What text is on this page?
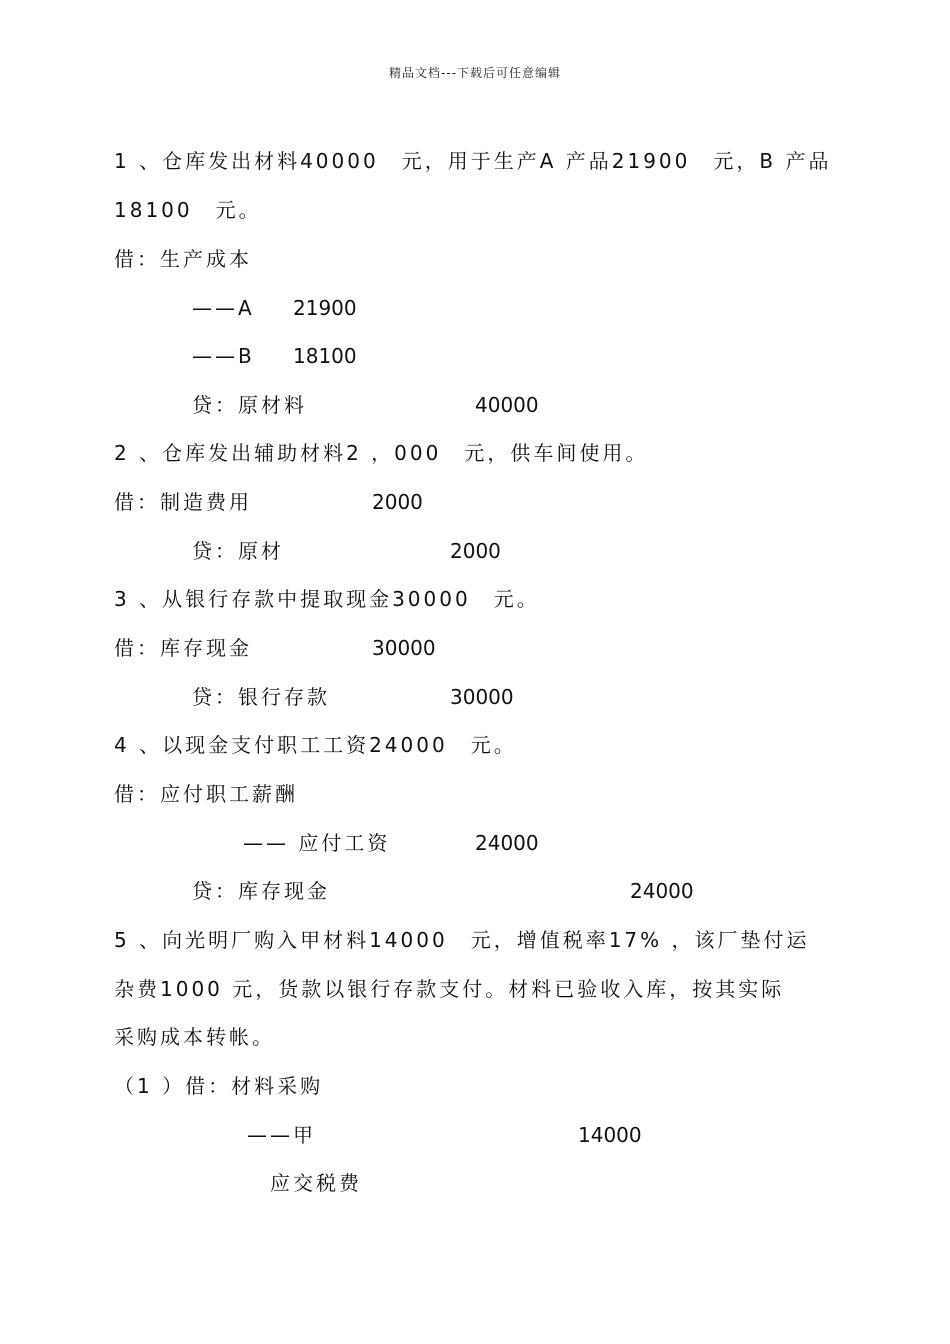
精品文档---下载后可任意编辑
1 、仓库发出材料40000　元，用于生产A 产品21900　元，B 产品
18100　元。
借：生产成本
——A 21900
——B 18100
贷：原材料	40000
2 、仓库发出辅助材料2 ，000　元，供车间使用。
借：制造费用	2000
贷：原材	2000
3 、从银行存款中提取现金30000　元。
借：库存现金	30000
贷：银行存款	30000
4 、以现金支付职工工资24000　元。
借：应付职工薪酬
—— 应付工资	24000
贷：库存现金	24000
5 、向光明厂购入甲材料14000　元，增值税率17% ，该厂垫付运
杂费1000 元，货款以银行存款支付。材料已验收入库，按其实际
采购成本转帐。
（1 ）借：材料采购
——甲	14000
应交税费
